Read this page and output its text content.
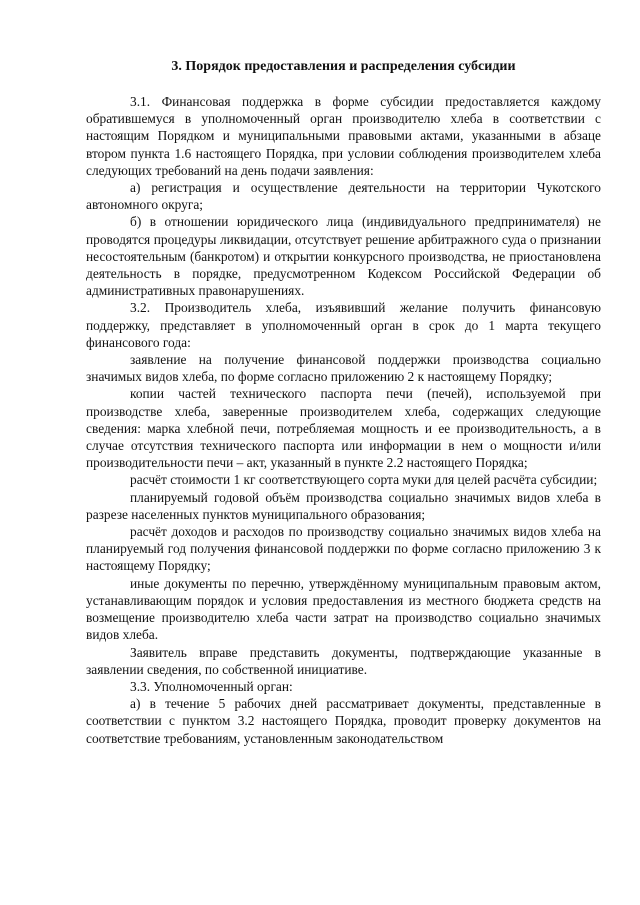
3. Порядок предоставления и распределения субсидии

3.1. Финансовая поддержка в форме субсидии предоставляется каждому обратившемуся в уполномоченный орган производителю хлеба в соответствии с настоящим Порядком и муниципальными правовыми актами, указанными в абзаце втором пункта 1.6 настоящего Порядка, при условии соблюдения производителем хлеба следующих требований на день подачи заявления:

а) регистрация и осуществление деятельности на территории Чукотского автономного округа;

б) в отношении юридического лица (индивидуального предпринимателя) не проводятся процедуры ликвидации, отсутствует решение арбитражного суда о признании несостоятельным (банкротом) и открытии конкурсного производства, не приостановлена деятельность в порядке, предусмотренном Кодексом Российской Федерации об административных правонарушениях.

3.2. Производитель хлеба, изъявивший желание получить финансовую поддержку, представляет в уполномоченный орган в срок до 1 марта текущего финансового года:

заявление на получение финансовой поддержки производства социально значимых видов хлеба, по форме согласно приложению 2 к настоящему Порядку;

копии частей технического паспорта печи (печей), используемой при производстве хлеба, заверенные производителем хлеба, содержащих следующие сведения: марка хлебной печи, потребляемая мощность и ее производительность, а в случае отсутствия технического паспорта или информации в нем о мощности и/или производительности печи – акт, указанный в пункте 2.2 настоящего Порядка;

расчёт стоимости 1 кг соответствующего сорта муки для целей расчёта субсидии;

планируемый годовой объём производства социально значимых видов хлеба в разрезе населенных пунктов муниципального образования;

расчёт доходов и расходов по производству социально значимых видов хлеба на планируемый год получения финансовой поддержки по форме согласно приложению 3 к настоящему Порядку;

иные документы по перечню, утверждённому муниципальным правовым актом, устанавливающим порядок и условия предоставления из местного бюджета средств на возмещение производителю хлеба части затрат на производство социально значимых видов хлеба.

Заявитель вправе представить документы, подтверждающие указанные в заявлении сведения, по собственной инициативе.

3.3. Уполномоченный орган:

а) в течение 5 рабочих дней рассматривает документы, представленные в соответствии с пунктом 3.2 настоящего Порядка, проводит проверку документов на соответствие требованиям, установленным законодательством
